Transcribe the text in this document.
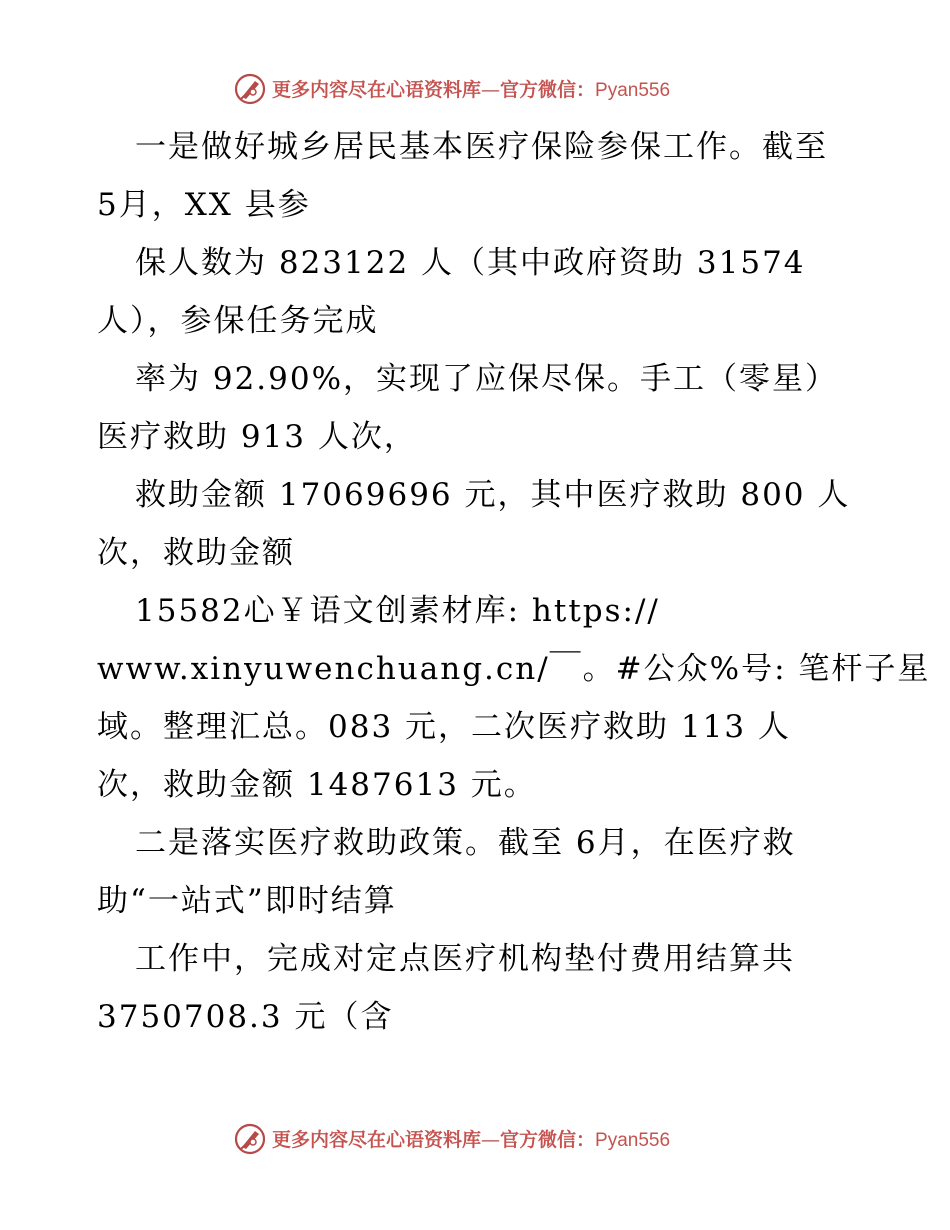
更多内容尽在心语资料库—官方微信：Pyan556
一是做好城乡居民基本医疗保险参保工作。截至
5月，XX 县参
保人数为 823122 人（其中政府资助 31574
人），参保任务完成
率为 92.90%，实现了应保尽保。手工（零星）
医疗救助 913 人次，
救助金额 17069696 元，其中医疗救助 800 人
次，救助金额
15582心￥语文创素材库: https://
www.xinyuwenchuang.cn/￣。#公众%号: 笔杆子星
域。整理汇总。083 元，二次医疗救助 113 人
次，救助金额 1487613 元。
二是落实医疗救助政策。截至 6月，在医疗救
助“一站式”即时结算
工作中，完成对定点医疗机构垫付费用结算共
3750708.3 元（含
更多内容尽在心语资料库—官方微信：Pyan556
